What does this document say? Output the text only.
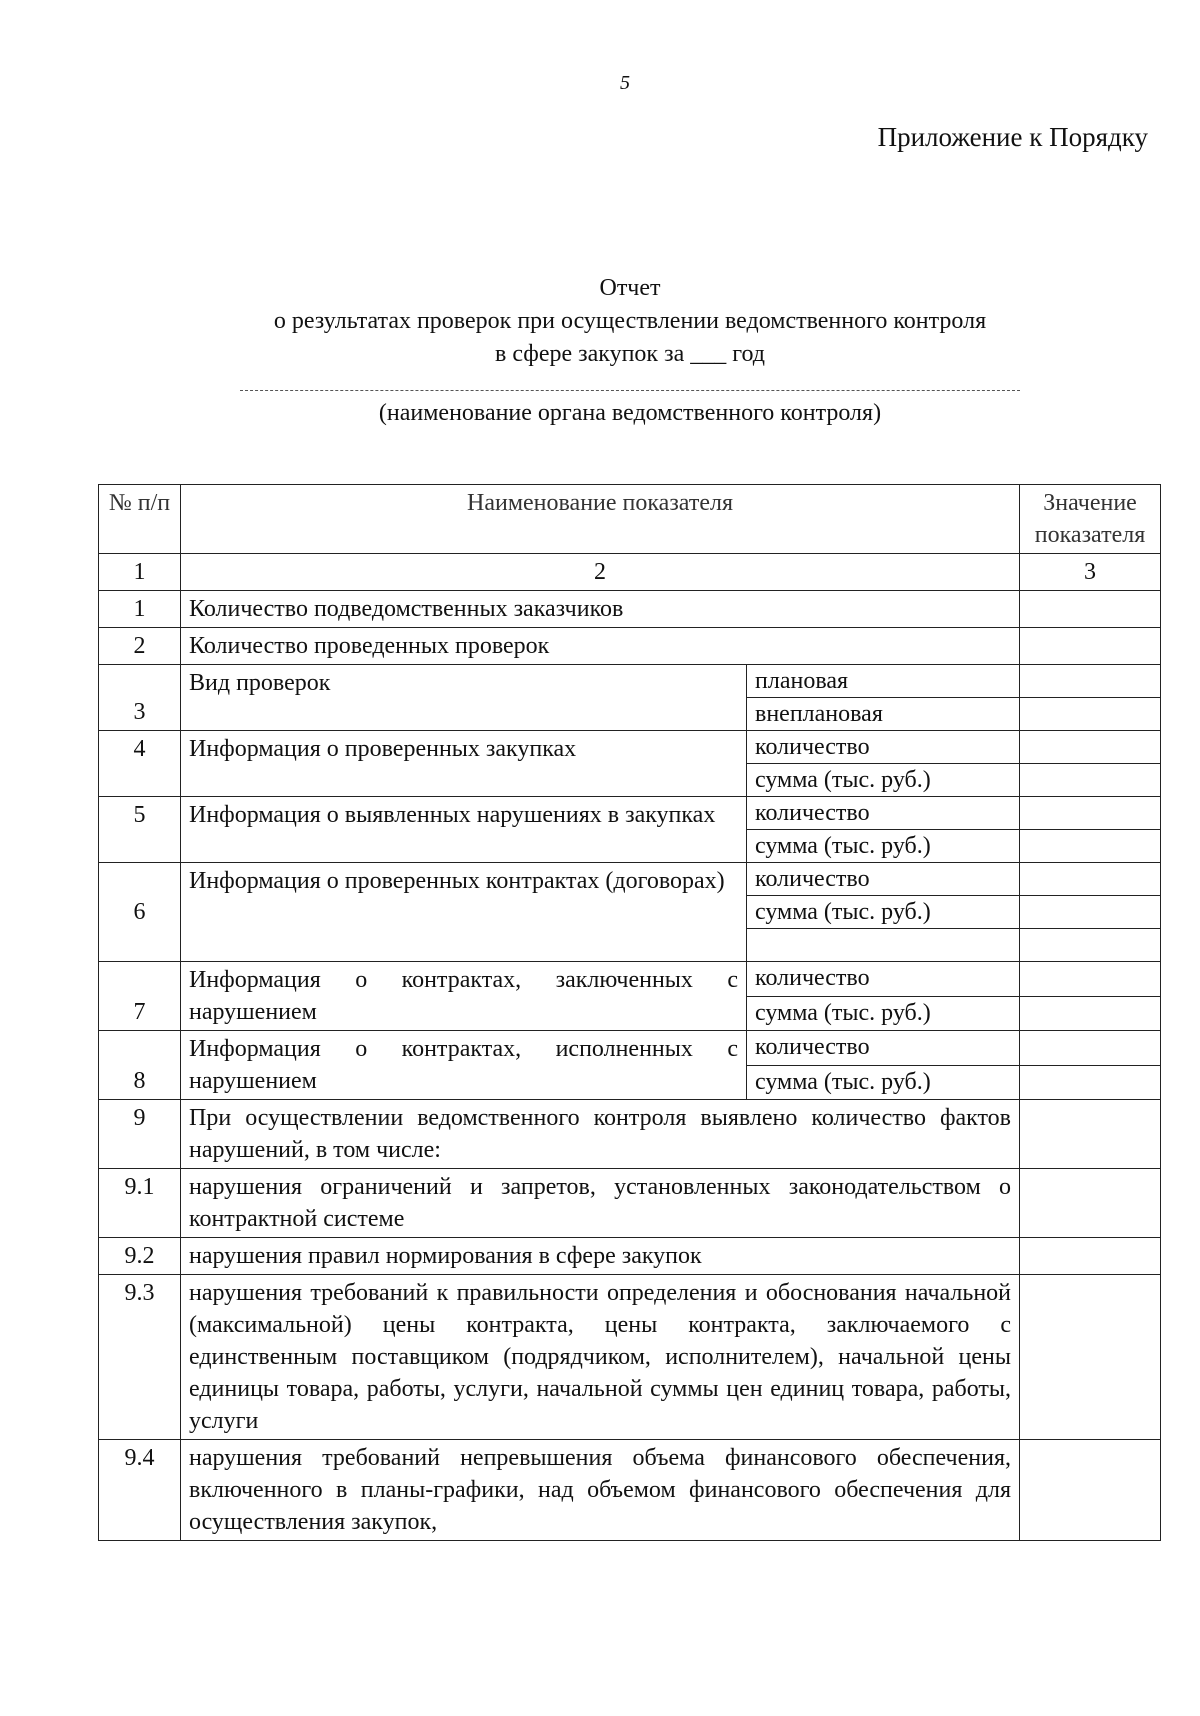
5
Приложение к Порядку
Отчет
о результатах проверок при осуществлении ведомственного контроля
в сфере закупок за ___ год
(наименование органа ведомственного контроля)
№ п/п	Наименование показателя		Значение показателя
1	2		3
1	Количество подведомственных заказчиков		
2	Количество проведенных проверок		
3	Вид проверок	плановая	
		внеплановая	
4	Информация о проверенных закупках	количество	
		сумма (тыс. руб.)	
5	Информация о выявленных нарушениях в закупках	количество	
		сумма (тыс. руб.)	
6	Информация о проверенных контрактах (договорах)	количество	
		сумма (тыс. руб.)	

7	Информация о контрактах, заключенных с нарушением	количество	
		сумма (тыс. руб.)	
8	Информация о контрактах, исполненных с нарушением	количество	
		сумма (тыс. руб.)	
9	При осуществлении ведомственного контроля выявлено количество фактов нарушений, в том числе:		
9.1	нарушения ограничений и запретов, установленных законодательством о контрактной системе		
9.2	нарушения правил нормирования в сфере закупок		
9.3	нарушения требований к правильности определения и обоснования начальной (максимальной) цены контракта, цены контракта, заключаемого с единственным поставщиком (подрядчиком, исполнителем), начальной цены единицы товара, работы, услуги, начальной суммы цен единиц товара, работы, услуги		
9.4	нарушения требований непревышения объема финансового обеспечения, включенного в планы-графики, над объемом финансового обеспечения для осуществления закупок,		
